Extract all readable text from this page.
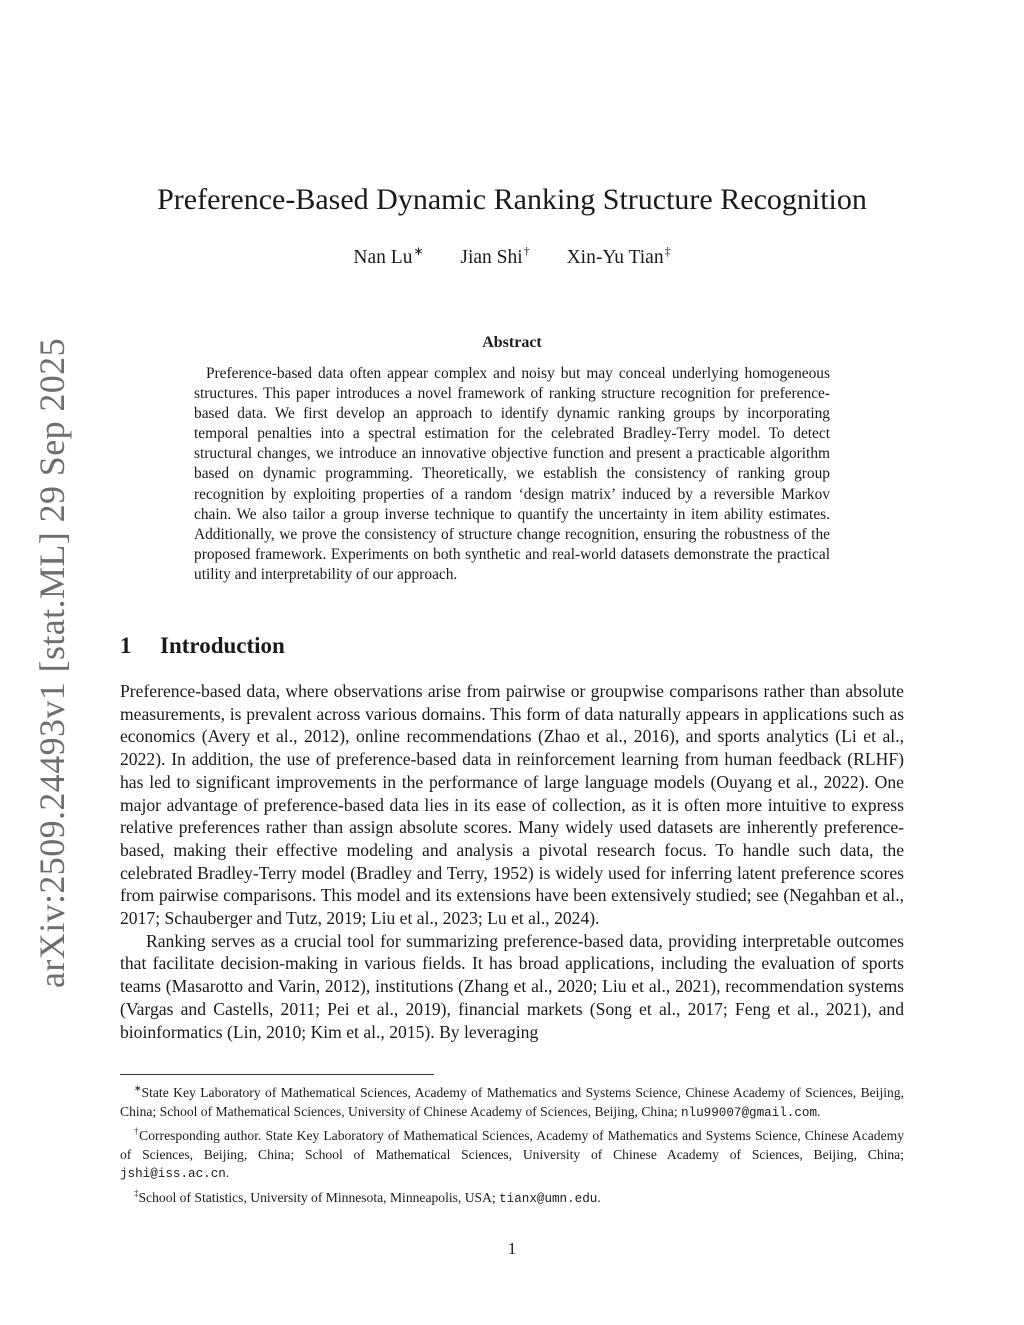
arXiv:2509.24493v1 [stat.ML] 29 Sep 2025
Preference-Based Dynamic Ranking Structure Recognition
Nan Lu∗ Jian Shi† Xin-Yu Tian‡
Abstract
Preference-based data often appear complex and noisy but may conceal underlying homogeneous structures. This paper introduces a novel framework of ranking structure recognition for preference-based data. We first develop an approach to identify dynamic ranking groups by incorporating temporal penalties into a spectral estimation for the celebrated Bradley-Terry model. To detect structural changes, we introduce an innovative objective function and present a practicable algorithm based on dynamic programming. Theoretically, we establish the consistency of ranking group recognition by exploiting properties of a random ‘design matrix’ induced by a reversible Markov chain. We also tailor a group inverse technique to quantify the uncertainty in item ability estimates. Additionally, we prove the consistency of structure change recognition, ensuring the robustness of the proposed framework. Experiments on both synthetic and real-world datasets demonstrate the practical utility and interpretability of our approach.
1 Introduction

Preference-based data, where observations arise from pairwise or groupwise comparisons rather than absolute measurements, is prevalent across various domains. This form of data naturally appears in applications such as economics (Avery et al., 2012), online recommendations (Zhao et al., 2016), and sports analytics (Li et al., 2022). In addition, the use of preference-based data in reinforcement learning from human feedback (RLHF) has led to significant improvements in the performance of large language models (Ouyang et al., 2022). One major advantage of preference-based data lies in its ease of collection, as it is often more intuitive to express relative preferences rather than assign absolute scores. Many widely used datasets are inherently preference-based, making their effective modeling and analysis a pivotal research focus. To handle such data, the celebrated Bradley-Terry model (Bradley and Terry, 1952) is widely used for inferring latent preference scores from pairwise comparisons. This model and its extensions have been extensively studied; see (Negahban et al., 2017; Schauberger and Tutz, 2019; Liu et al., 2023; Lu et al., 2024).

Ranking serves as a crucial tool for summarizing preference-based data, providing interpretable outcomes that facilitate decision-making in various fields. It has broad applications, including the evaluation of sports teams (Masarotto and Varin, 2012), institutions (Zhang et al., 2020; Liu et al., 2021), recommendation systems (Vargas and Castells, 2011; Pei et al., 2019), financial markets (Song et al., 2017; Feng et al., 2021), and bioinformatics (Lin, 2010; Kim et al., 2015). By leveraging

∗State Key Laboratory of Mathematical Sciences, Academy of Mathematics and Systems Science, Chinese Academy of Sciences, Beijing, China; School of Mathematical Sciences, University of Chinese Academy of Sciences, Beijing, China; nlu99007@gmail.com.

†Corresponding author. State Key Laboratory of Mathematical Sciences, Academy of Mathematics and Systems Science, Chinese Academy of Sciences, Beijing, China; School of Mathematical Sciences, University of Chinese Academy of Sciences, Beijing, China; jshi@iss.ac.cn.

‡School of Statistics, University of Minnesota, Minneapolis, USA; tianx@umn.edu.

1
